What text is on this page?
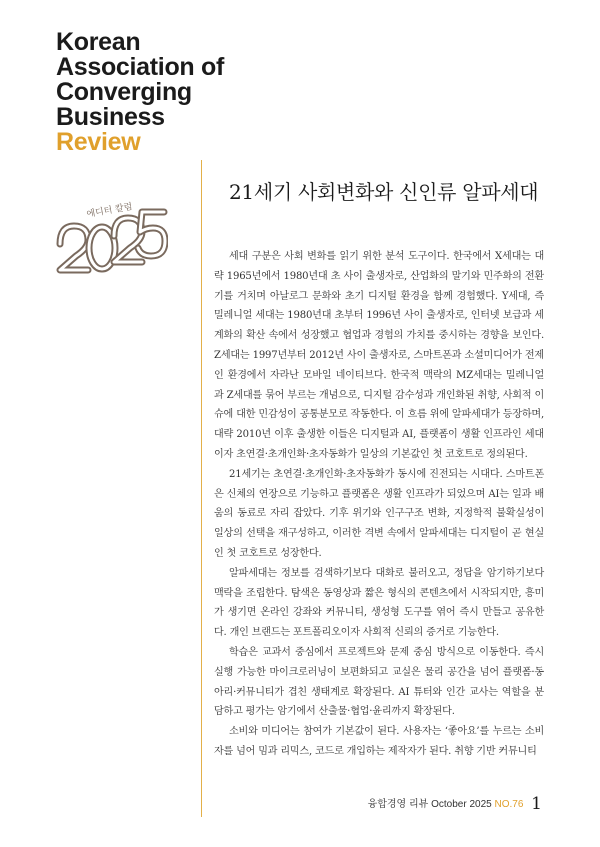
Korean
Association of
Converging
Business
Review
에디터 칼럼
21세기 사회변화와 신인류 알파세대

세대 구분은 사회 변화를 읽기 위한 분석 도구이다. 한국에서 X세대는 대략 1965년에서 1980년대 초 사이 출생자로, 산업화의 말기와 민주화의 전환기를 거치며 아날로그 문화와 초기 디지털 환경을 함께 경험했다. Y세대, 즉 밀레니얼 세대는 1980년대 초부터 1996년 사이 출생자로, 인터넷 보급과 세계화의 확산 속에서 성장했고 협업과 경험의 가치를 중시하는 경향을 보인다. Z세대는 1997년부터 2012년 사이 출생자로, 스마트폰과 소셜미디어가 전제인 환경에서 자라난 모바일 네이티브다. 한국적 맥락의 MZ세대는 밀레니얼과 Z세대를 묶어 부르는 개념으로, 디지털 감수성과 개인화된 취향, 사회적 이슈에 대한 민감성이 공통분모로 작동한다. 이 흐름 위에 알파세대가 등장하며, 대략 2010년 이후 출생한 이들은 디지털과 AI, 플랫폼이 생활 인프라인 세대이자 초연결·초개인화·초자동화가 일상의 기본값인 첫 코호트로 정의된다.

21세기는 초연결·초개인화·초자동화가 동시에 진전되는 시대다. 스마트폰은 신체의 연장으로 기능하고 플랫폼은 생활 인프라가 되었으며 AI는 일과 배움의 동료로 자리 잡았다. 기후 위기와 인구구조 변화, 지정학적 불확실성이 일상의 선택을 재구성하고, 이러한 격변 속에서 알파세대는 디지털이 곧 현실인 첫 코호트로 성장한다.

알파세대는 정보를 검색하기보다 대화로 불러오고, 정답을 암기하기보다 맥락을 조립한다. 탐색은 동영상과 짧은 형식의 콘텐츠에서 시작되지만, 흥미가 생기면 온라인 강좌와 커뮤니티, 생성형 도구를 엮어 즉시 만들고 공유한다. 개인 브랜드는 포트폴리오이자 사회적 신뢰의 증거로 기능한다.

학습은 교과서 중심에서 프로젝트와 문제 중심 방식으로 이동한다. 즉시 실행 가능한 마이크로러닝이 보편화되고 교실은 물리 공간을 넘어 플랫폼·동아리·커뮤니티가 겹친 생태계로 확장된다. AI 튜터와 인간 교사는 역할을 분담하고 평가는 암기에서 산출물·협업·윤리까지 확장된다.

소비와 미디어는 참여가 기본값이 된다. 사용자는 ‘좋아요’를 누르는 소비자를 넘어 밈과 리믹스, 코드로 개입하는 제작자가 된다. 취향 기반 커뮤니티

융합경영 리뷰 October 2025 NO.76 1
